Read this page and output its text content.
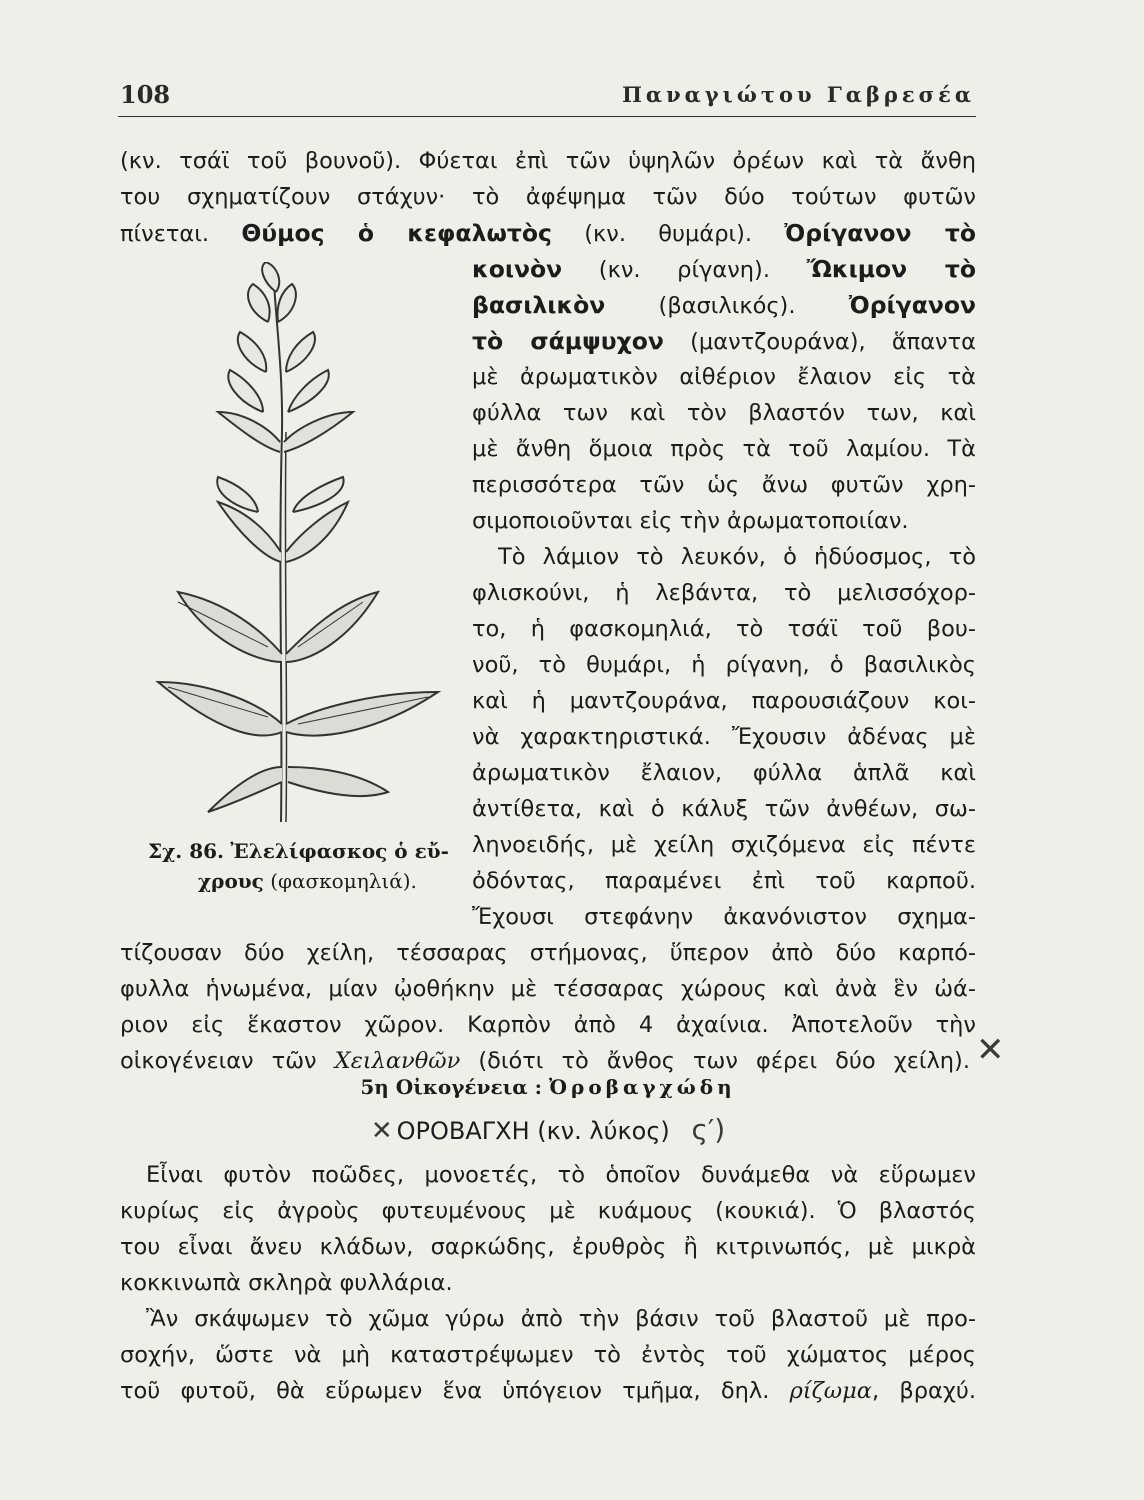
108	Παναγιώτου Γαβρεσέα
(κν. τσάϊ τοῦ βουνοῦ). Φύεται ἐπὶ τῶν ὑψηλῶν ὀρέων καὶ τὰ ἄνθη
του σχηματίζουν στάχυν· τὸ ἀφέψημα τῶν δύο τούτων φυτῶν
πίνεται. Θύμος ὁ κεφαλωτὸς (κν. θυμάρι). Ὀρίγανον τὸ
κοινὸν (κν. ρίγανη). Ὤκιμον τὸ
βασιλικὸν (βασιλικός). Ὀρίγανον
τὸ σάμψυχον (μαντζουράνα), ἅπαντα
μὲ ἀρωματικὸν αἰθέριον ἔλαιον εἰς τὰ
φύλλα των καὶ τὸν βλαστόν των, καὶ
μὲ ἄνθη ὅμοια πρὸς τὰ τοῦ λαμίου. Τὰ
περισσότερα τῶν ὡς ἄνω φυτῶν χρη-
σιμοποιοῦνται εἰς τὴν ἀρωματοποιίαν.
Τὸ λάμιον τὸ λευκόν, ὁ ἡδύοσμος, τὸ
φλισκούνι, ἡ λεβάντα, τὸ μελισσόχορ-
το, ἡ φασκομηλιά, τὸ τσάϊ τοῦ βου-
νοῦ, τὸ θυμάρι, ἡ ρίγανη, ὁ βασιλικὸς
καὶ ἡ μαντζουράνα, παρουσιάζουν κοι-
νὰ χαρακτηριστικά. Ἔχουσιν ἀδένας μὲ
ἀρωματικὸν ἔλαιον, φύλλα ἁπλᾶ καὶ
ἀντίθετα, καὶ ὁ κάλυξ τῶν ἀνθέων, σω-
ληνοειδής, μὲ χείλη σχιζόμενα εἰς πέντε
ὀδόντας, παραμένει ἐπὶ τοῦ καρποῦ.
Ἔχουσι στεφάνην ἀκανόνιστον σχημα-
τίζουσαν δύο χείλη, τέσσαρας στήμονας, ὕπερον ἀπὸ δύο καρπό-
φυλλα ἡνωμένα, μίαν ᾠοθήκην μὲ τέσσαρας χώρους καὶ ἀνὰ ἓν ὠά-
ριον εἰς ἕκαστον χῶρον. Καρπὸν ἀπὸ 4 ἀχαίνια. Ἀποτελοῦν τὴν
οἰκογένειαν τῶν Χειλανθῶν (διότι τὸ ἄνθος των φέρει δύο χείλη). ✕
Σχ. 86. Ἐλελίφασκος ὁ εὔ-
χρους (φασκομηλιά).
5η Οἰκογένεια : Ὀροβαγχώδη
✕ ΟΡΟΒΑΓΧΗ (κν. λύκος) ς′)
Εἶναι φυτὸν ποῶδες, μονοετές, τὸ ὁποῖον δυνάμεθα νὰ εὕρωμεν
κυρίως εἰς ἀγροὺς φυτευμένους μὲ κυάμους (κουκιά). Ὁ βλαστός
του εἶναι ἄνευ κλάδων, σαρκώδης, ἐρυθρὸς ἢ κιτρινωπός, μὲ μικρὰ
κοκκινωπὰ σκληρὰ φυλλάρια.
Ἂν σκάψωμεν τὸ χῶμα γύρω ἀπὸ τὴν βάσιν τοῦ βλαστοῦ μὲ προ-
σοχήν, ὥστε νὰ μὴ καταστρέψωμεν τὸ ἐντὸς τοῦ χώματος μέρος
τοῦ φυτοῦ, θὰ εὕρωμεν ἕνα ὑπόγειον τμῆμα, δηλ. ρίζωμα, βραχύ.
